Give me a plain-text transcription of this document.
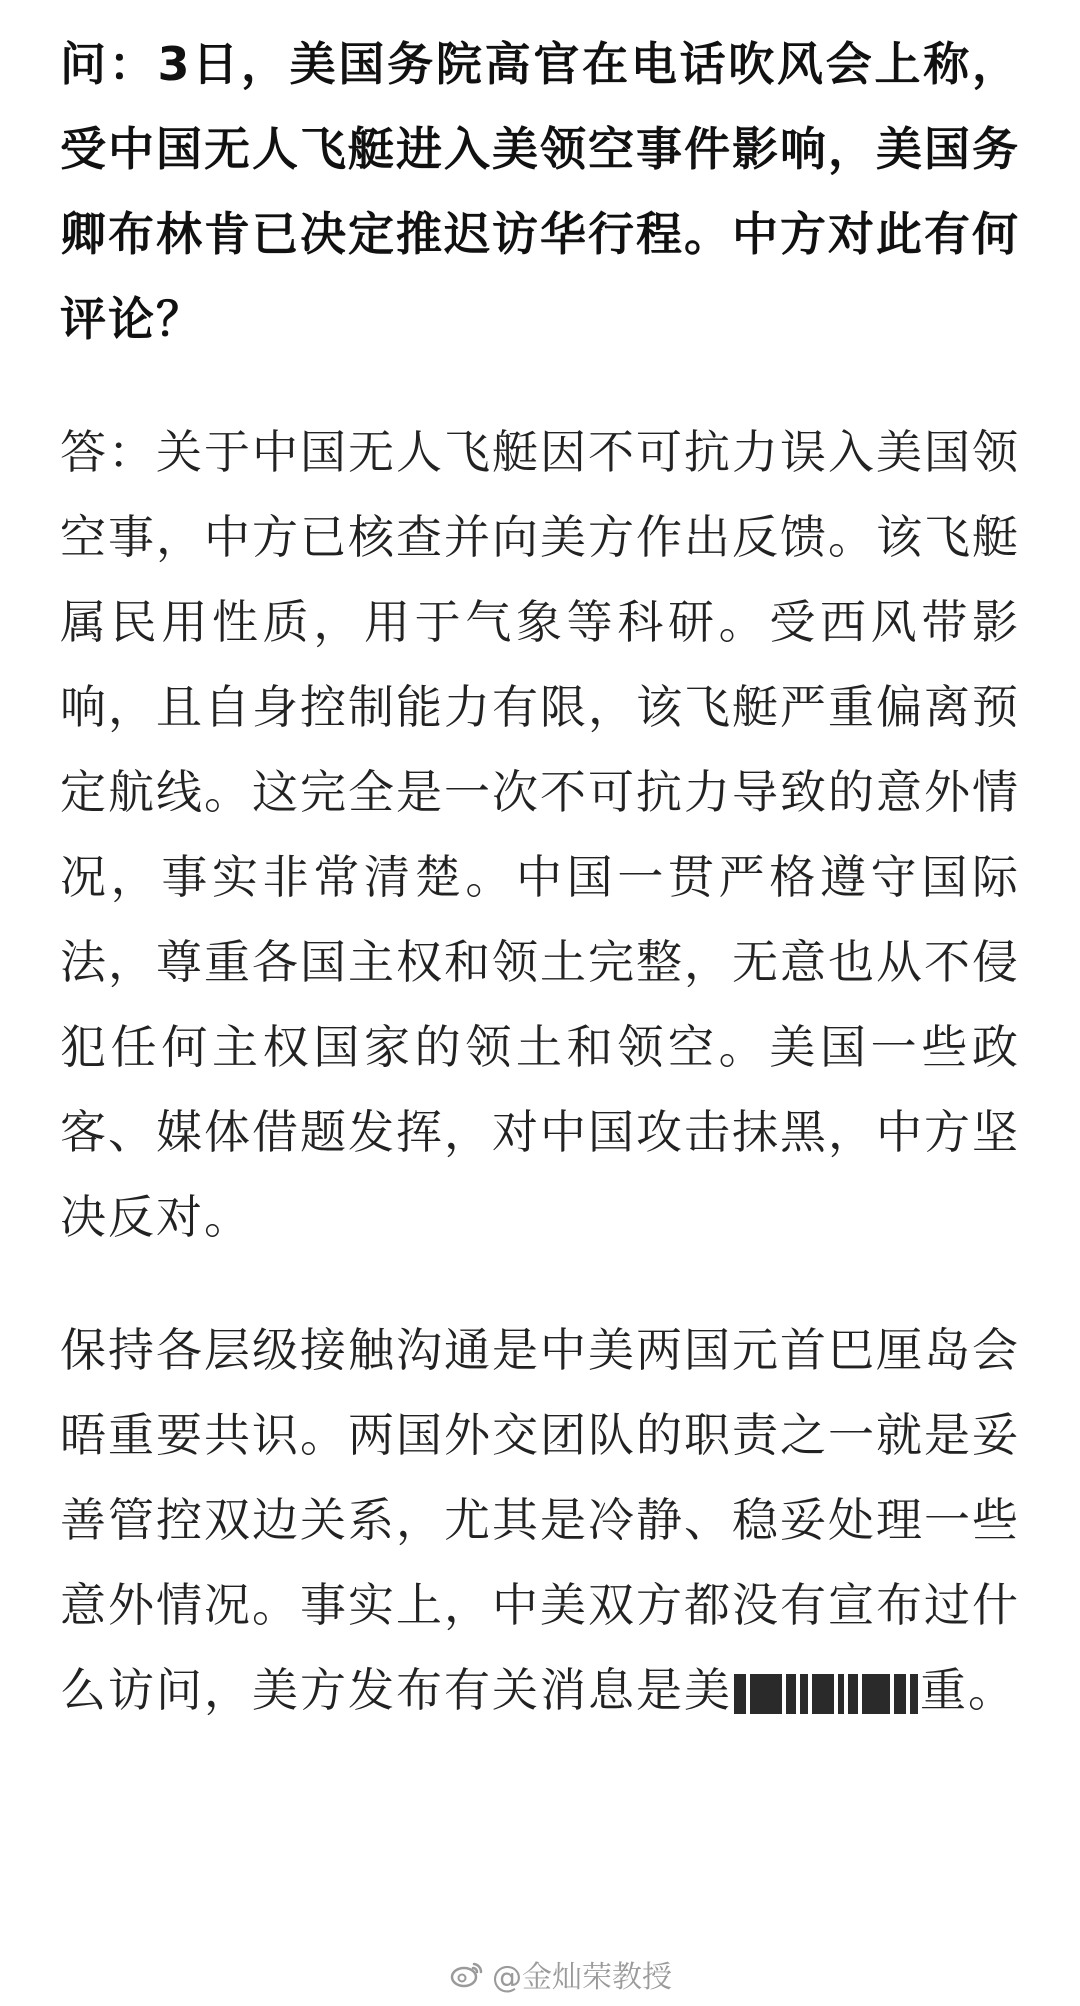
问：3日，美国务院高官在电话吹风会上称，受中国无人飞艇进入美领空事件影响，美国务卿布林肯已决定推迟访华行程。中方对此有何评论？

答：关于中国无人飞艇因不可抗力误入美国领空事，中方已核查并向美方作出反馈。该飞艇属民用性质，用于气象等科研。受西风带影响，且自身控制能力有限，该飞艇严重偏离预定航线。这完全是一次不可抗力导致的意外情况，事实非常清楚。中国一贯严格遵守国际法，尊重各国主权和领土完整，无意也从不侵犯任何主权国家的领土和领空。美国一些政客、媒体借题发挥，对中国攻击抹黑，中方坚决反对。

保持各层级接触沟通是中美两国元首巴厘岛会晤重要共识。两国外交团队的职责之一就是妥善管控双边关系，尤其是冷静、稳妥处理一些意外情况。事实上，中美双方都没有宣布过什么访问，美方发布有关消息是美	重。

@金灿荣教授
